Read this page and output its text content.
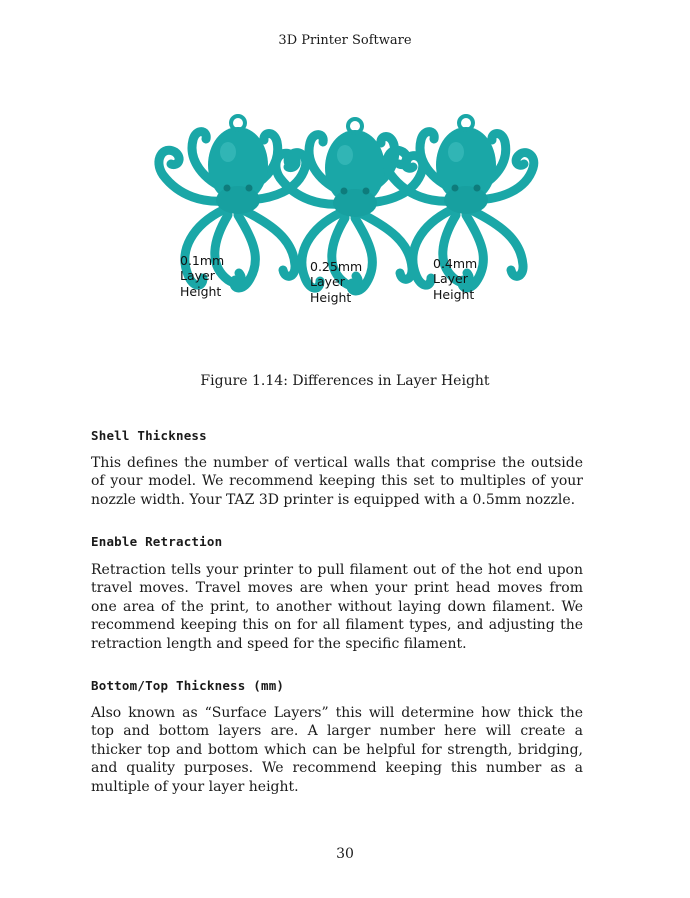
3D Printer Software
0.1mm
Layer
Height
0.25mm
Layer
Height
0.4mm
Layer
Height
Figure 1.14: Differences in Layer Height
Shell Thickness
This defines the number of vertical walls that comprise the outside of your model. We recommend keeping this set to multiples of your nozzle width. Your TAZ 3D printer is equipped with a 0.5mm nozzle.
Enable Retraction
Retraction tells your printer to pull filament out of the hot end upon travel moves. Travel moves are when your print head moves from one area of the print, to another without laying down filament. We recommend keeping this on for all filament types, and adjusting the retraction length and speed for the specific filament.
Bottom/Top Thickness (mm)
Also known as “Surface Layers” this will determine how thick the top and bottom layers are. A larger number here will create a thicker top and bottom which can be helpful for strength, bridging, and quality purposes. We recommend keeping this number as a multiple of your layer height.
30
